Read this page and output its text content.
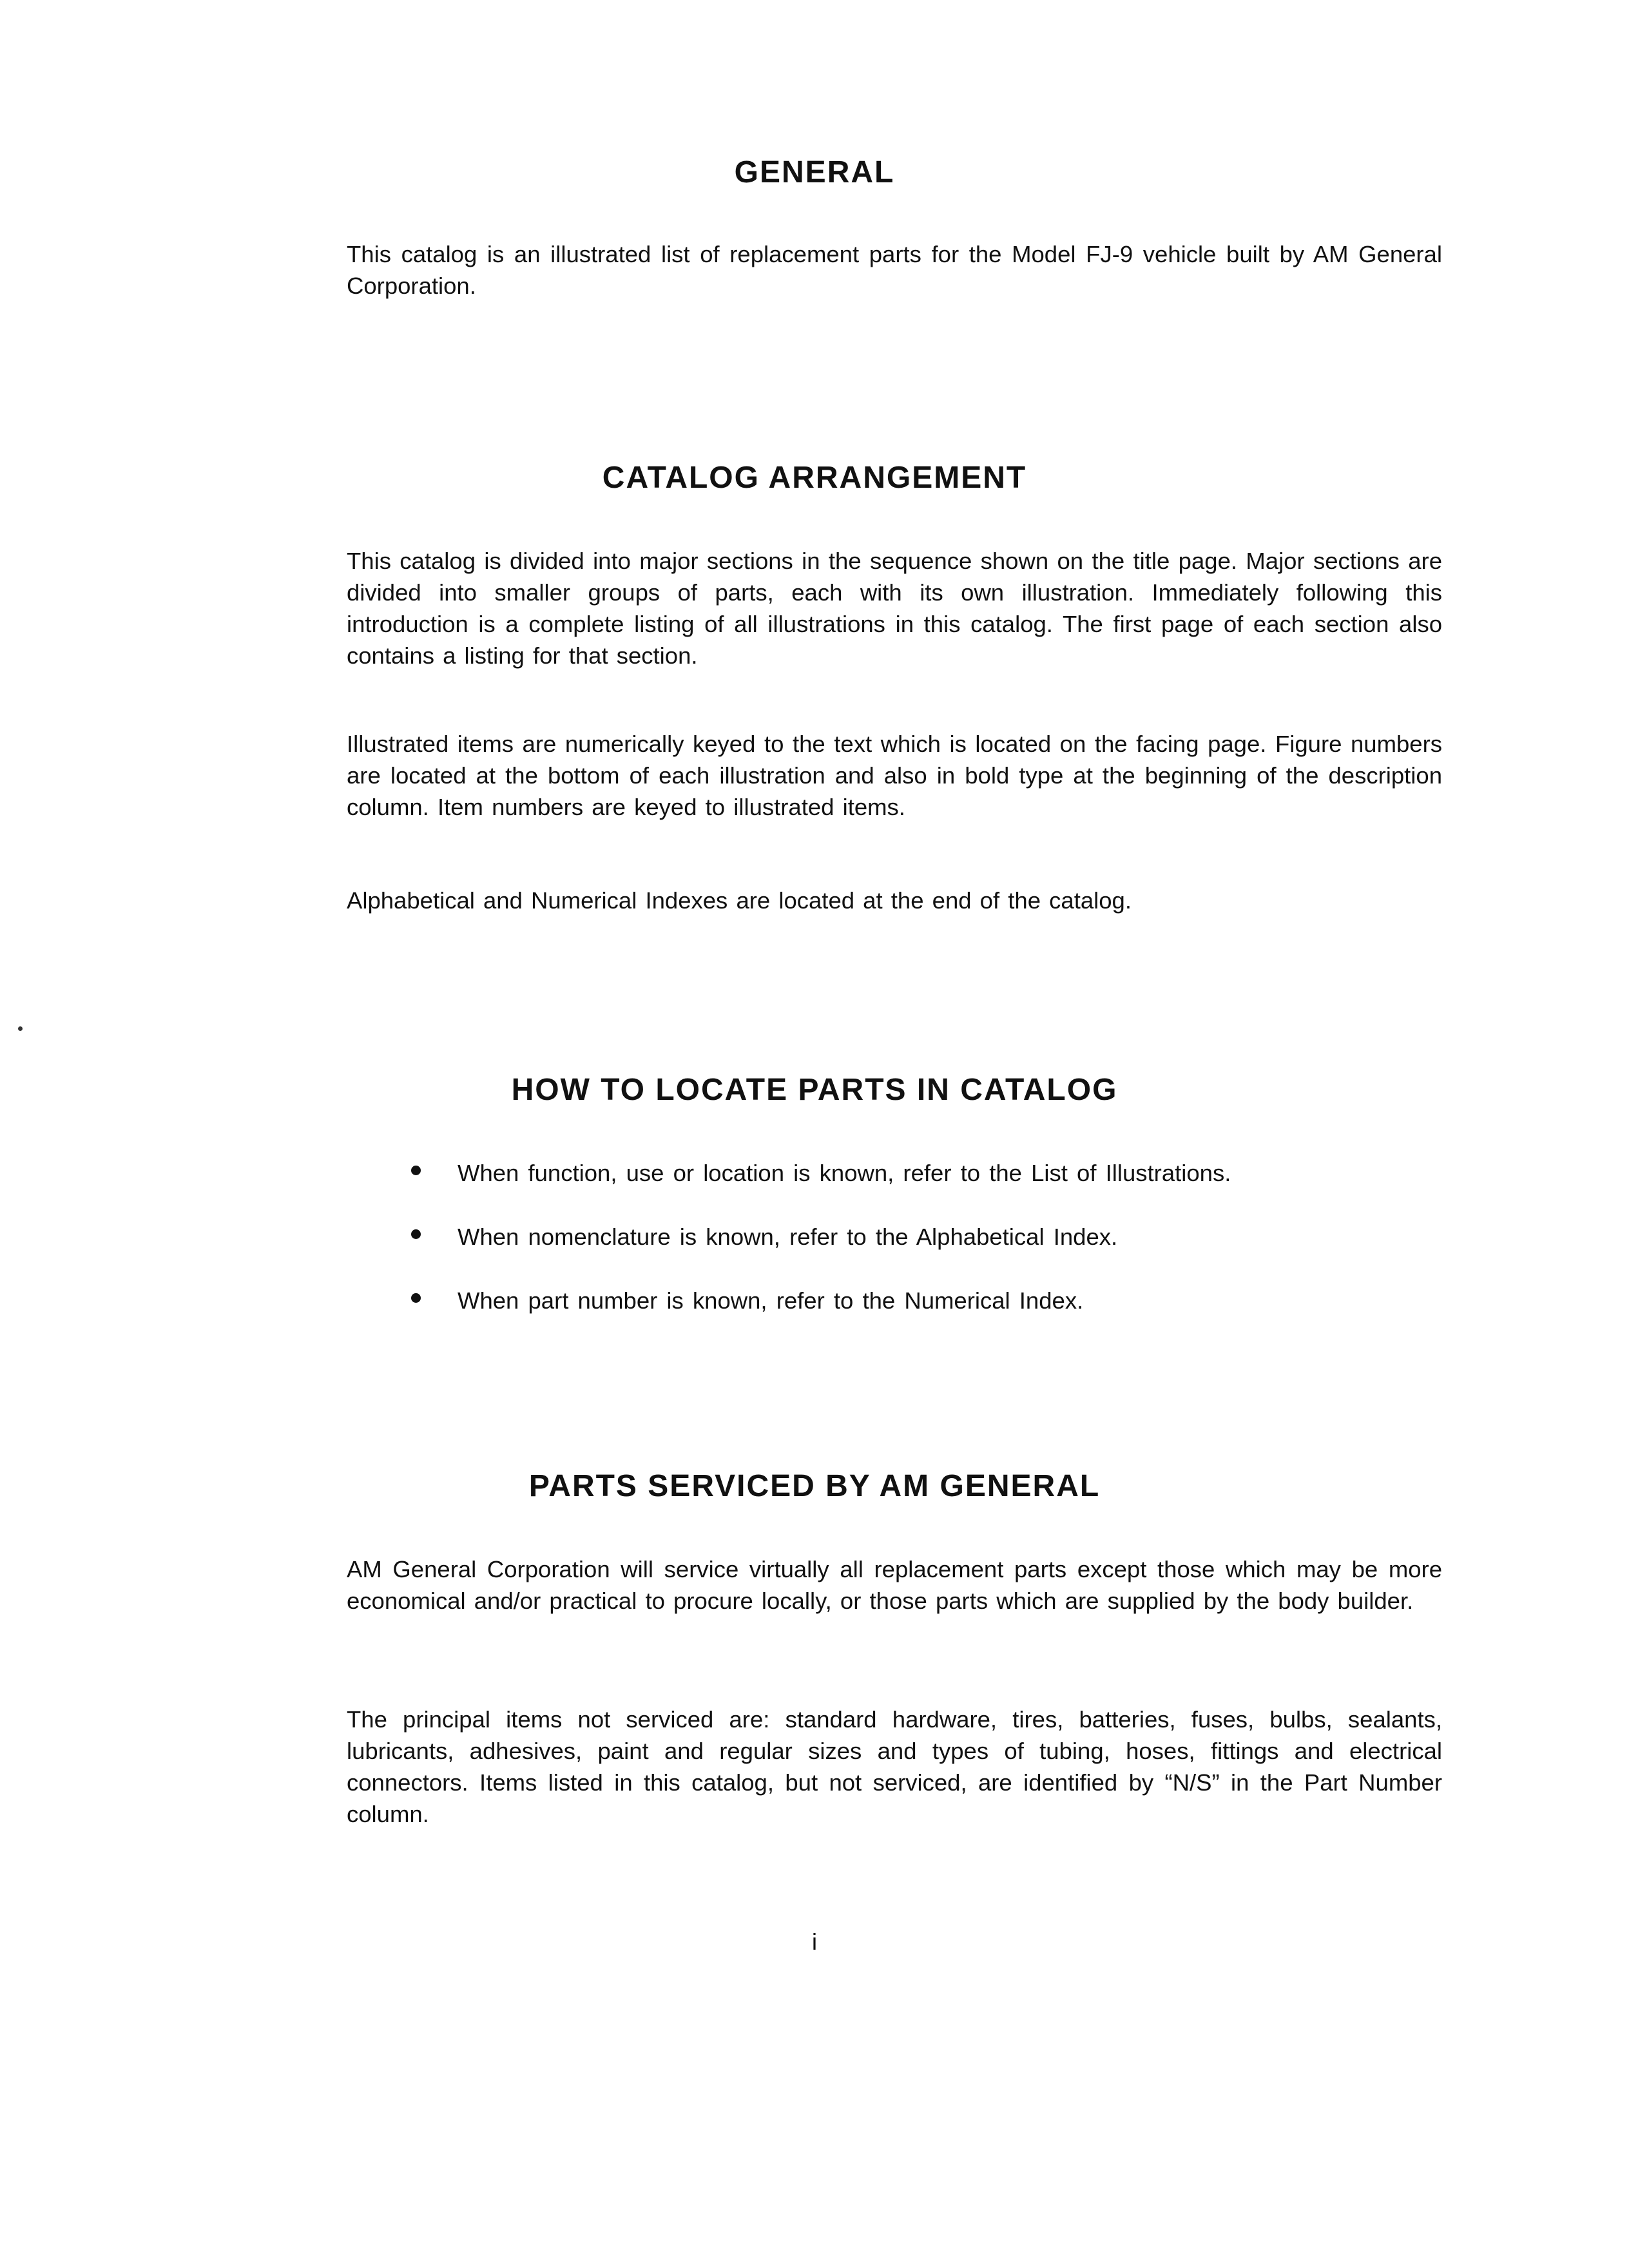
GENERAL

This catalog is an illustrated list of replacement parts for the Model FJ-9 vehicle built by AM General Corporation.

CATALOG ARRANGEMENT

This catalog is divided into major sections in the sequence shown on the title page. Major sections are divided into smaller groups of parts, each with its own illustration. Immediately following this introduction is a complete listing of all illustrations in this catalog. The first page of each section also contains a listing for that section.

Illustrated items are numerically keyed to the text which is located on the facing page. Figure numbers are located at the bottom of each illustration and also in bold type at the beginning of the description column. Item numbers are keyed to illustrated items.

Alphabetical and Numerical Indexes are located at the end of the catalog.

HOW TO LOCATE PARTS IN CATALOG
When function, use or location is known, refer to the List of Illustrations.
When nomenclature is known, refer to the Alphabetical Index.
When part number is known, refer to the Numerical Index.
PARTS SERVICED BY AM GENERAL

AM General Corporation will service virtually all replacement parts except those which may be more economical and/or practical to procure locally, or those parts which are supplied by the body builder.

The principal items not serviced are: standard hardware, tires, batteries, fuses, bulbs, sealants, lubricants, adhesives, paint and regular sizes and types of tubing, hoses, fittings and electrical connectors. Items listed in this catalog, but not serviced, are identified by “N/S” in the Part Number column.

i
